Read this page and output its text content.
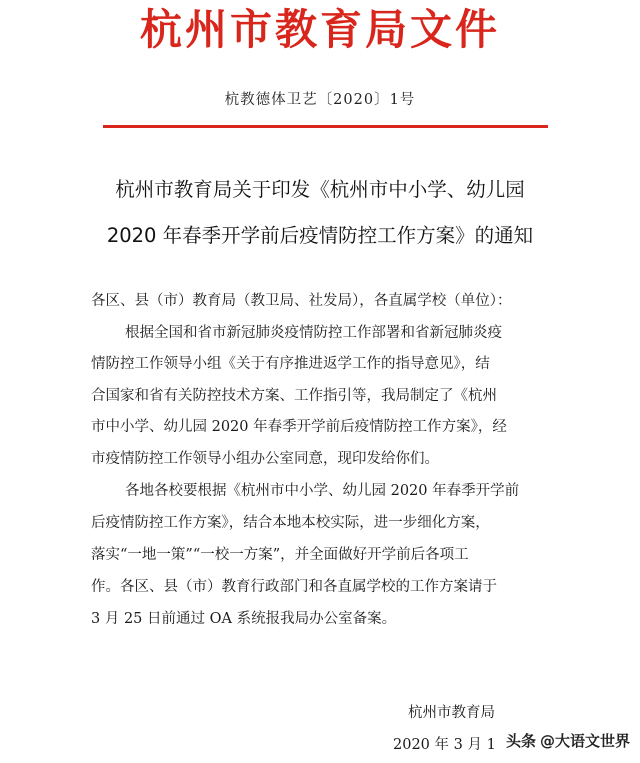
杭州市教育局文件
杭教德体卫艺〔2020〕1号
杭州市教育局关于印发《杭州市中小学、幼儿园
2020 年春季开学前后疫情防控工作方案》的通知
各区、县（市）教育局（教卫局、社发局），各直属学校（单位）：
根据全国和省市新冠肺炎疫情防控工作部署和省新冠肺炎疫
情防控工作领导小组《关于有序推进返学工作的指导意见》，结
合国家和省有关防控技术方案、工作指引等，我局制定了《杭州
市中小学、幼儿园 2020 年春季开学前后疫情防控工作方案》，经
市疫情防控工作领导小组办公室同意，现印发给你们。
各地各校要根据《杭州市中小学、幼儿园 2020 年春季开学前
后疫情防控工作方案》，结合本地本校实际，进一步细化方案，
落实“一地一策”“一校一方案”，并全面做好开学前后各项工
作。各区、县（市）教育行政部门和各直属学校的工作方案请于
3 月 25 日前通过 OA 系统报我局办公室备案。
杭州市教育局
2020 年 3 月 1 头条 @大语文世界
